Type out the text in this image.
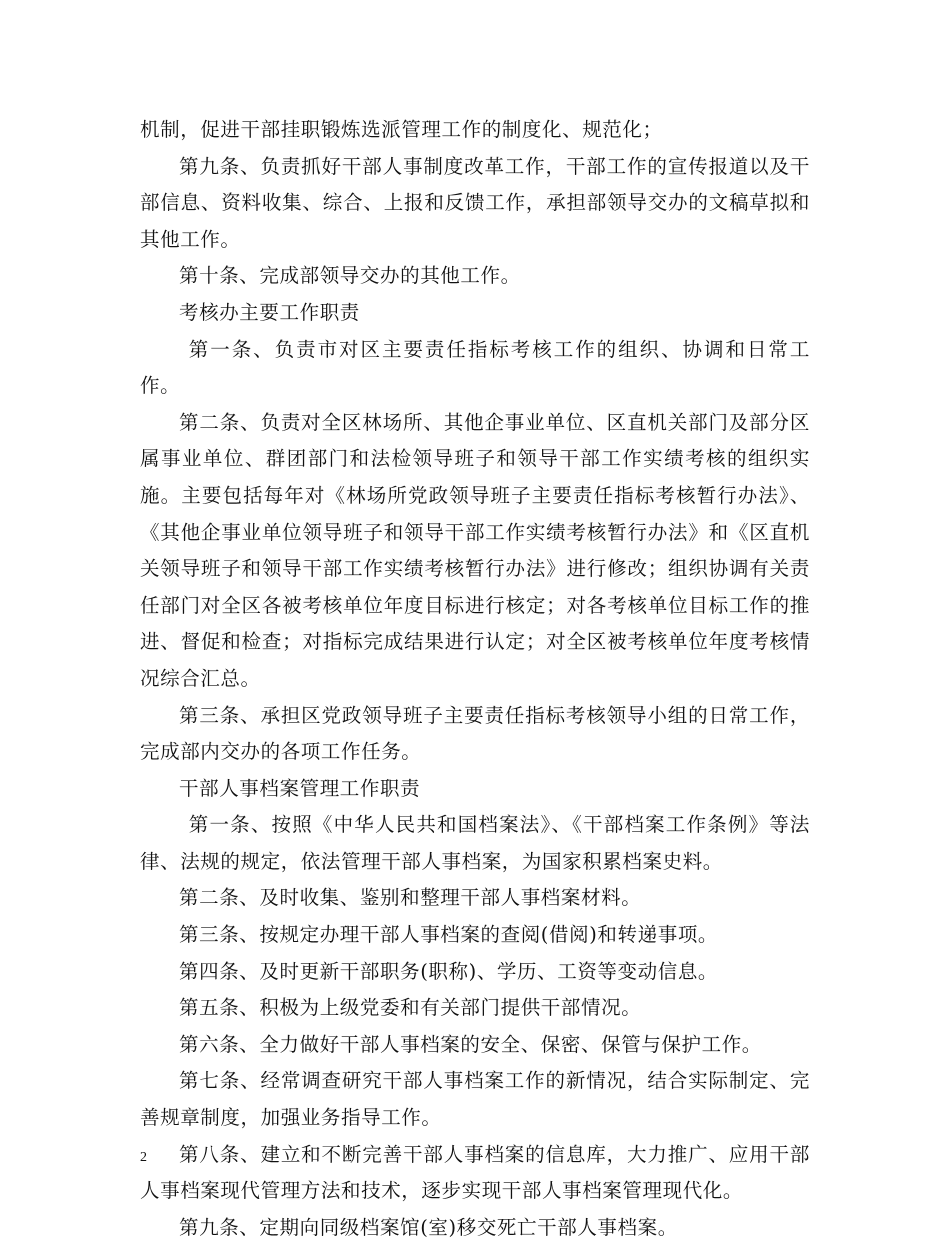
机制，促进干部挂职锻炼选派管理工作的制度化、规范化；

第九条、负责抓好干部人事制度改革工作，干部工作的宣传报道以及干部信息、资料收集、综合、上报和反馈工作，承担部领导交办的文稿草拟和其他工作。

第十条、完成部领导交办的其他工作。

考核办主要工作职责

第一条、负责市对区主要责任指标考核工作的组织、协调和日常工作。

第二条、负责对全区林场所、其他企事业单位、区直机关部门及部分区属事业单位、群团部门和法检领导班子和领导干部工作实绩考核的组织实施。主要包括每年对《林场所党政领导班子主要责任指标考核暂行办法》、《其他企事业单位领导班子和领导干部工作实绩考核暂行办法》和《区直机关领导班子和领导干部工作实绩考核暂行办法》进行修改；组织协调有关责任部门对全区各被考核单位年度目标进行核定；对各考核单位目标工作的推进、督促和检查；对指标完成结果进行认定；对全区被考核单位年度考核情况综合汇总。

第三条、承担区党政领导班子主要责任指标考核领导小组的日常工作，完成部内交办的各项工作任务。

干部人事档案管理工作职责

第一条、按照《中华人民共和国档案法》、《干部档案工作条例》等法律、法规的规定，依法管理干部人事档案，为国家积累档案史料。

第二条、及时收集、鉴别和整理干部人事档案材料。

第三条、按规定办理干部人事档案的查阅(借阅)和转递事项。

第四条、及时更新干部职务(职称)、学历、工资等变动信息。

第五条、积极为上级党委和有关部门提供干部情况。

第六条、全力做好干部人事档案的安全、保密、保管与保护工作。

第七条、经常调查研究干部人事档案工作的新情况，结合实际制定、完善规章制度，加强业务指导工作。

第八条、建立和不断完善干部人事档案的信息库，大力推广、应用干部人事档案现代管理方法和技术，逐步实现干部人事档案管理现代化。

第九条、定期向同级档案馆(室)移交死亡干部人事档案。

2
